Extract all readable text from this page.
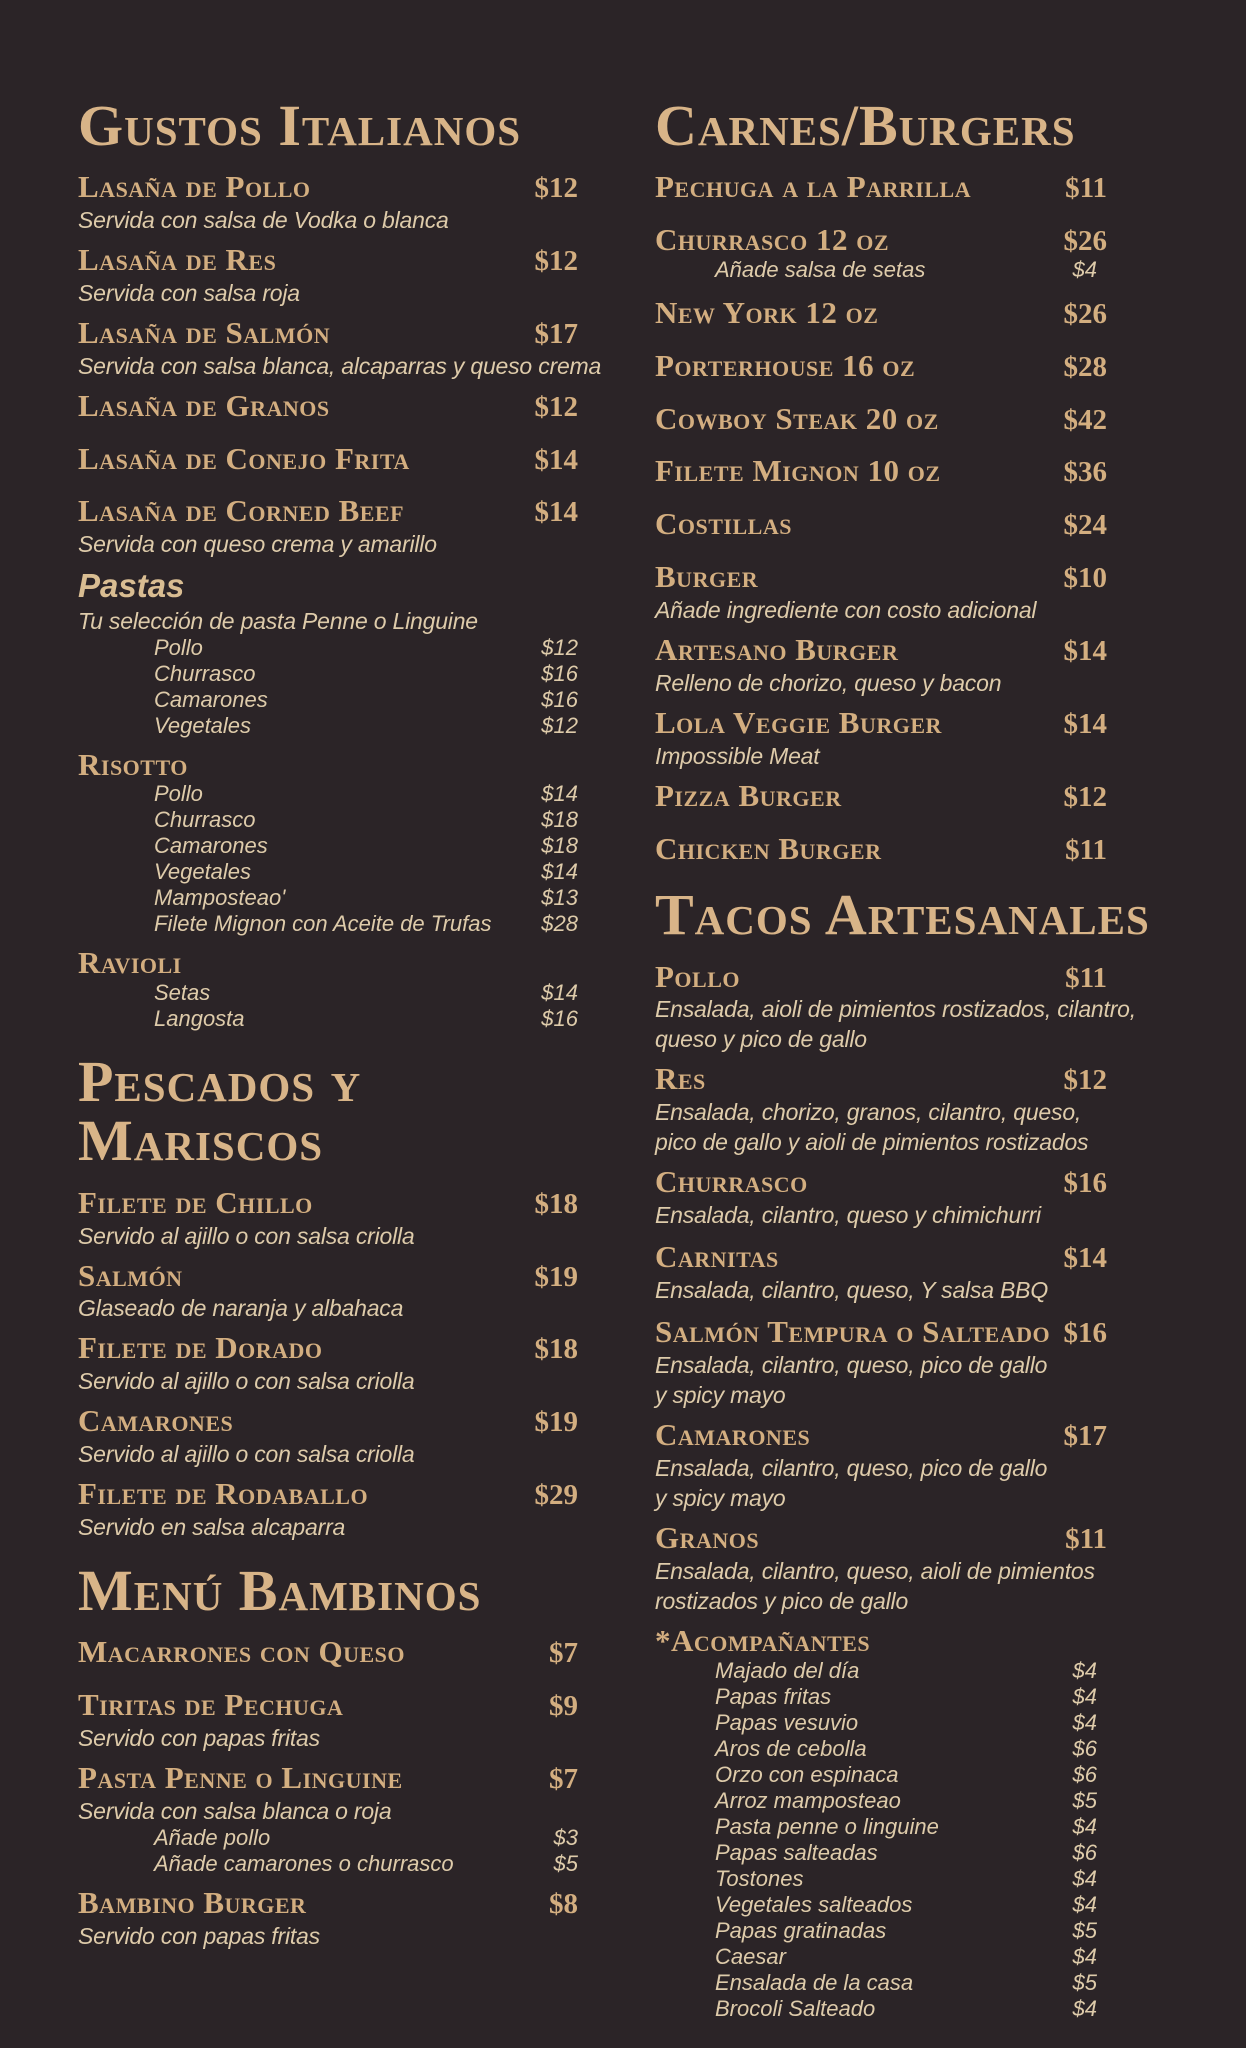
Gustos Italianos
Lasaña de Pollo	$12
Servida con salsa de Vodka o blanca
Lasaña de Res	$12
Servida con salsa roja
Lasaña de Salmón	$17
Servida con salsa blanca, alcaparras y queso crema
Lasaña de Granos	$12
Lasaña de Conejo Frita	$14
Lasaña de Corned Beef	$14
Servida con queso crema y amarillo
Pastas
Tu selección de pasta Penne o Linguine
Pollo	$12
Churrasco	$16
Camarones	$16
Vegetales	$12
Risotto
Pollo	$14
Churrasco	$18
Camarones	$18
Vegetales	$14
Mamposteao'	$13
Filete Mignon con Aceite de Trufas $28
Ravioli
Setas	$14
Langosta	$16
Pescados y
Mariscos
Filete de Chillo	$18
Servido al ajillo o con salsa criolla
Salmón	$19
Glaseado de naranja y albahaca
Filete de Dorado	$18
Servido al ajillo o con salsa criolla
Camarones	$19
Servido al ajillo o con salsa criolla
Filete de Rodaballo	$29
Servido en salsa alcaparra
Menú Bambinos
Macarrones con Queso	$7
Tiritas de Pechuga	$9
Servido con papas fritas
Pasta Penne o Linguine	$7
Servida con salsa blanca o roja
Añade pollo	$3
Añade camarones o churrasco	$5
Bambino Burger	$8
Servido con papas fritas
Carnes/Burgers
Pechuga a la Parrilla	$11
Churrasco 12 oz	$26
Añade salsa de setas	$4
New York 12 oz	$26
Porterhouse 16 oz	$28
Cowboy Steak 20 oz	$42
Filete Mignon 10 oz	$36
Costillas	$24
Burger	$10
Añade ingrediente con costo adicional
Artesano Burger	$14
Relleno de chorizo, queso y bacon
Lola Veggie Burger	$14
Impossible Meat
Pizza Burger	$12
Chicken Burger	$11
Tacos Artesanales
Pollo	$11
Ensalada, aioli de pimientos rostizados, cilantro,
queso y pico de gallo
Res	$12
Ensalada, chorizo, granos, cilantro, queso,
pico de gallo y aioli de pimientos rostizados
Churrasco	$16
Ensalada, cilantro, queso y chimichurri
Carnitas	$14
Ensalada, cilantro, queso, Y salsa BBQ
Salmón Tempura o Salteado $16
Ensalada, cilantro, queso, pico de gallo
y spicy mayo
Camarones	$17
Ensalada, cilantro, queso, pico de gallo
y spicy mayo
Granos	$11
Ensalada, cilantro, queso, aioli de pimientos
rostizados y pico de gallo
*Acompañantes
Majado del día	$4
Papas fritas	$4
Papas vesuvio	$4
Aros de cebolla	$6
Orzo con espinaca	$6
Arroz mamposteao	$5
Pasta penne o linguine	$4
Papas salteadas	$6
Tostones	$4
Vegetales salteados	$4
Papas gratinadas	$5
Caesar	$4
Ensalada de la casa	$5
Brocoli Salteado	$4
